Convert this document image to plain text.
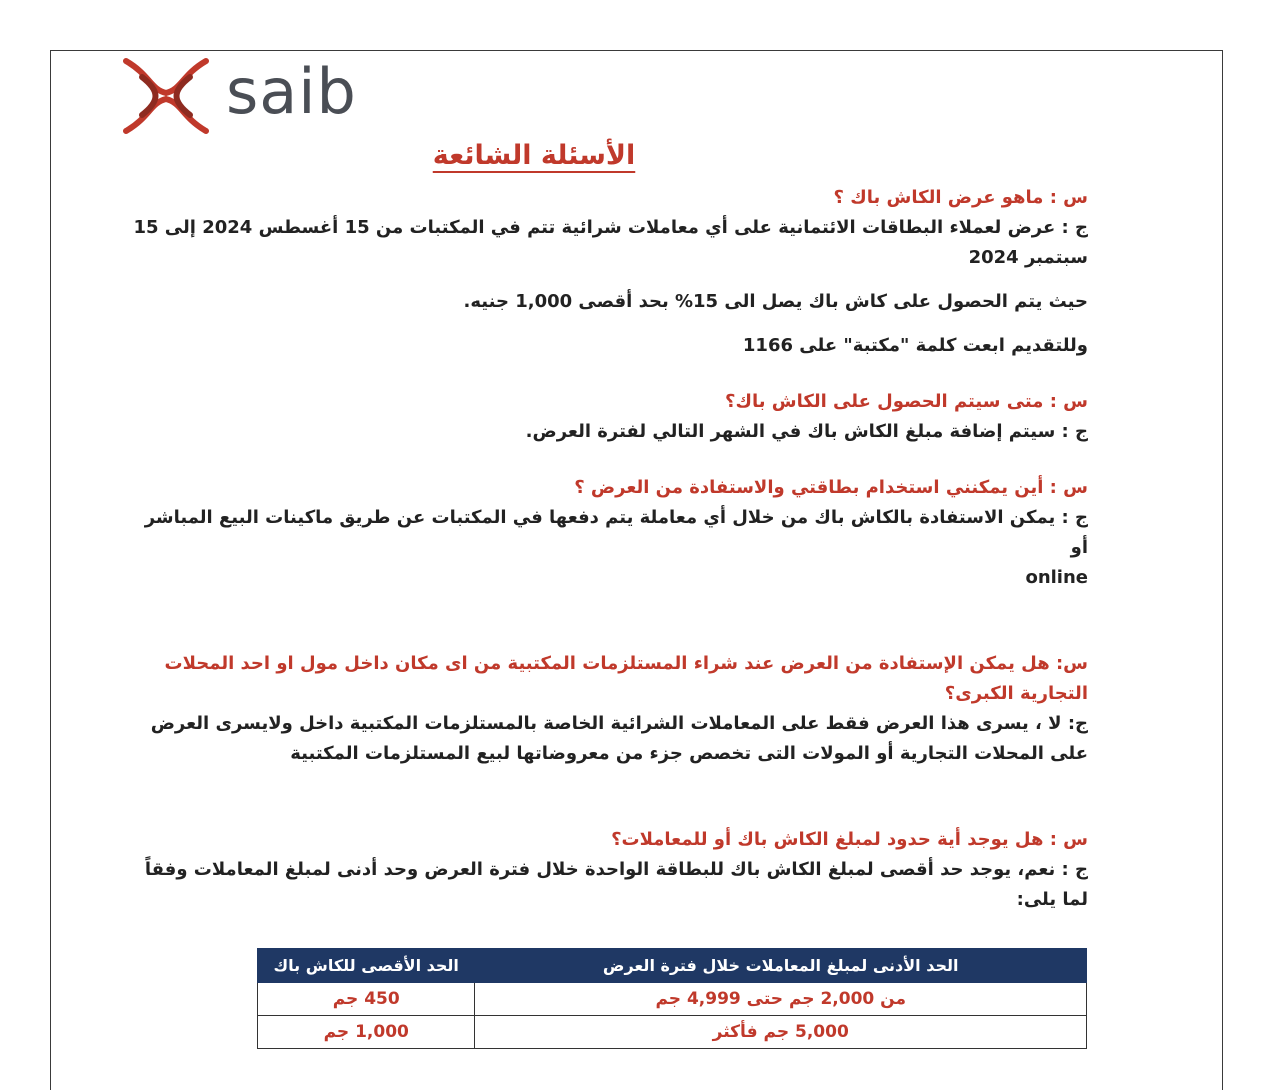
saib
الأسئلة الشائعة

س : ماهو عرض الكاش باك ؟

ج : عرض لعملاء البطاقات الائتمانية على أي معاملات شرائية تتم في المكتبات من 15 أغسطس 2024 إلى 15 سبتمبر 2024

حيث يتم الحصول على كاش باك يصل الى 15% بحد أقصى 1,000 جنيه.

وللتقديم ابعت كلمة "مكتبة" على 1166

س : متى سيتم الحصول على الكاش باك؟

ج : سيتم إضافة مبلغ الكاش باك في الشهر التالي لفترة العرض.

س : أين يمكنني استخدام بطاقتي والاستفادة من العرض ؟

ج : يمكن الاستفادة بالكاش باك من خلال أي معاملة يتم دفعها في المكتبات عن طريق ماكينات البيع المباشر أو

online

س: هل يمكن الإستفادة من العرض عند شراء المستلزمات المكتبية من اى مكان داخل مول او احد المحلات التجارية الكبرى؟

ج: لا ، يسرى هذا العرض فقط على المعاملات الشرائية الخاصة بالمستلزمات المكتبية داخل ولايسرى العرض على المحلات التجارية أو المولات التى تخصص جزء من معروضاتها لبيع المستلزمات المكتبية

س : هل يوجد أية حدود لمبلغ الكاش باك أو للمعاملات؟

ج : نعم، يوجد حد أقصى لمبلغ الكاش باك للبطاقة الواحدة خلال فترة العرض وحد أدنى لمبلغ المعاملات وفقاً لما يلى:

الحد الأدنى لمبلغ المعاملات خلال فترة العرض	الحد الأقصى للكاش باك
من 2,000 جم حتى 4,999 جم	450 جم
5,000 جم فأكثر	1,000 جم
